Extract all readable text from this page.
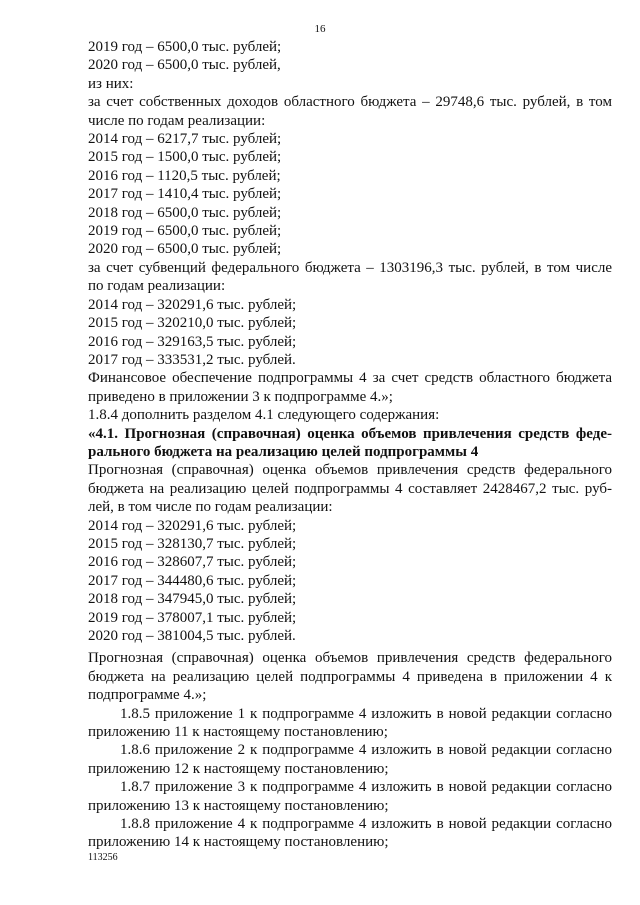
16
2019 год – 6500,0 тыс. рублей;
2020 год – 6500,0 тыс. рублей,
из них:
за счет собственных доходов областного бюджета – 29748,6 тыс. рублей, в том
числе по годам реализации:
2014 год – 6217,7 тыс. рублей;
2015 год – 1500,0 тыс. рублей;
2016 год – 1120,5 тыс. рублей;
2017 год – 1410,4 тыс. рублей;
2018 год – 6500,0 тыс. рублей;
2019 год – 6500,0 тыс. рублей;
2020 год – 6500,0 тыс. рублей;
за счет субвенций федерального бюджета – 1303196,3 тыс. рублей, в том числе
по годам реализации:
2014 год – 320291,6 тыс. рублей;
2015 год – 320210,0 тыс. рублей;
2016 год – 329163,5 тыс. рублей;
2017 год – 333531,2 тыс. рублей.
Финансовое обеспечение подпрограммы 4 за счет средств областного бюджета
приведено в приложении 3 к подпрограмме 4.»;
1.8.4 дополнить разделом 4.1 следующего содержания:
«4.1. Прогнозная (справочная) оценка объемов привлечения средств феде-
рального бюджета на реализацию целей подпрограммы 4
Прогнозная (справочная) оценка объемов привлечения средств федерального
бюджета на реализацию целей подпрограммы 4 составляет 2428467,2 тыс. руб-
лей, в том числе по годам реализации:
2014 год – 320291,6 тыс. рублей;
2015 год – 328130,7 тыс. рублей;
2016 год – 328607,7 тыс. рублей;
2017 год – 344480,6 тыс. рублей;
2018 год – 347945,0 тыс. рублей;
2019 год – 378007,1 тыс. рублей;
2020 год – 381004,5 тыс. рублей.
Прогнозная (справочная) оценка объемов привлечения средств федерального
бюджета на реализацию целей подпрограммы 4 приведена в приложении 4 к
подпрограмме 4.»;
1.8.5 приложение 1 к подпрограмме 4 изложить в новой редакции согласно
приложению 11 к настоящему постановлению;
1.8.6 приложение 2 к подпрограмме 4 изложить в новой редакции согласно
приложению 12 к настоящему постановлению;
1.8.7 приложение 3 к подпрограмме 4 изложить в новой редакции согласно
приложению 13 к настоящему постановлению;
1.8.8 приложение 4 к подпрограмме 4 изложить в новой редакции согласно
приложению 14 к настоящему постановлению;
113256
